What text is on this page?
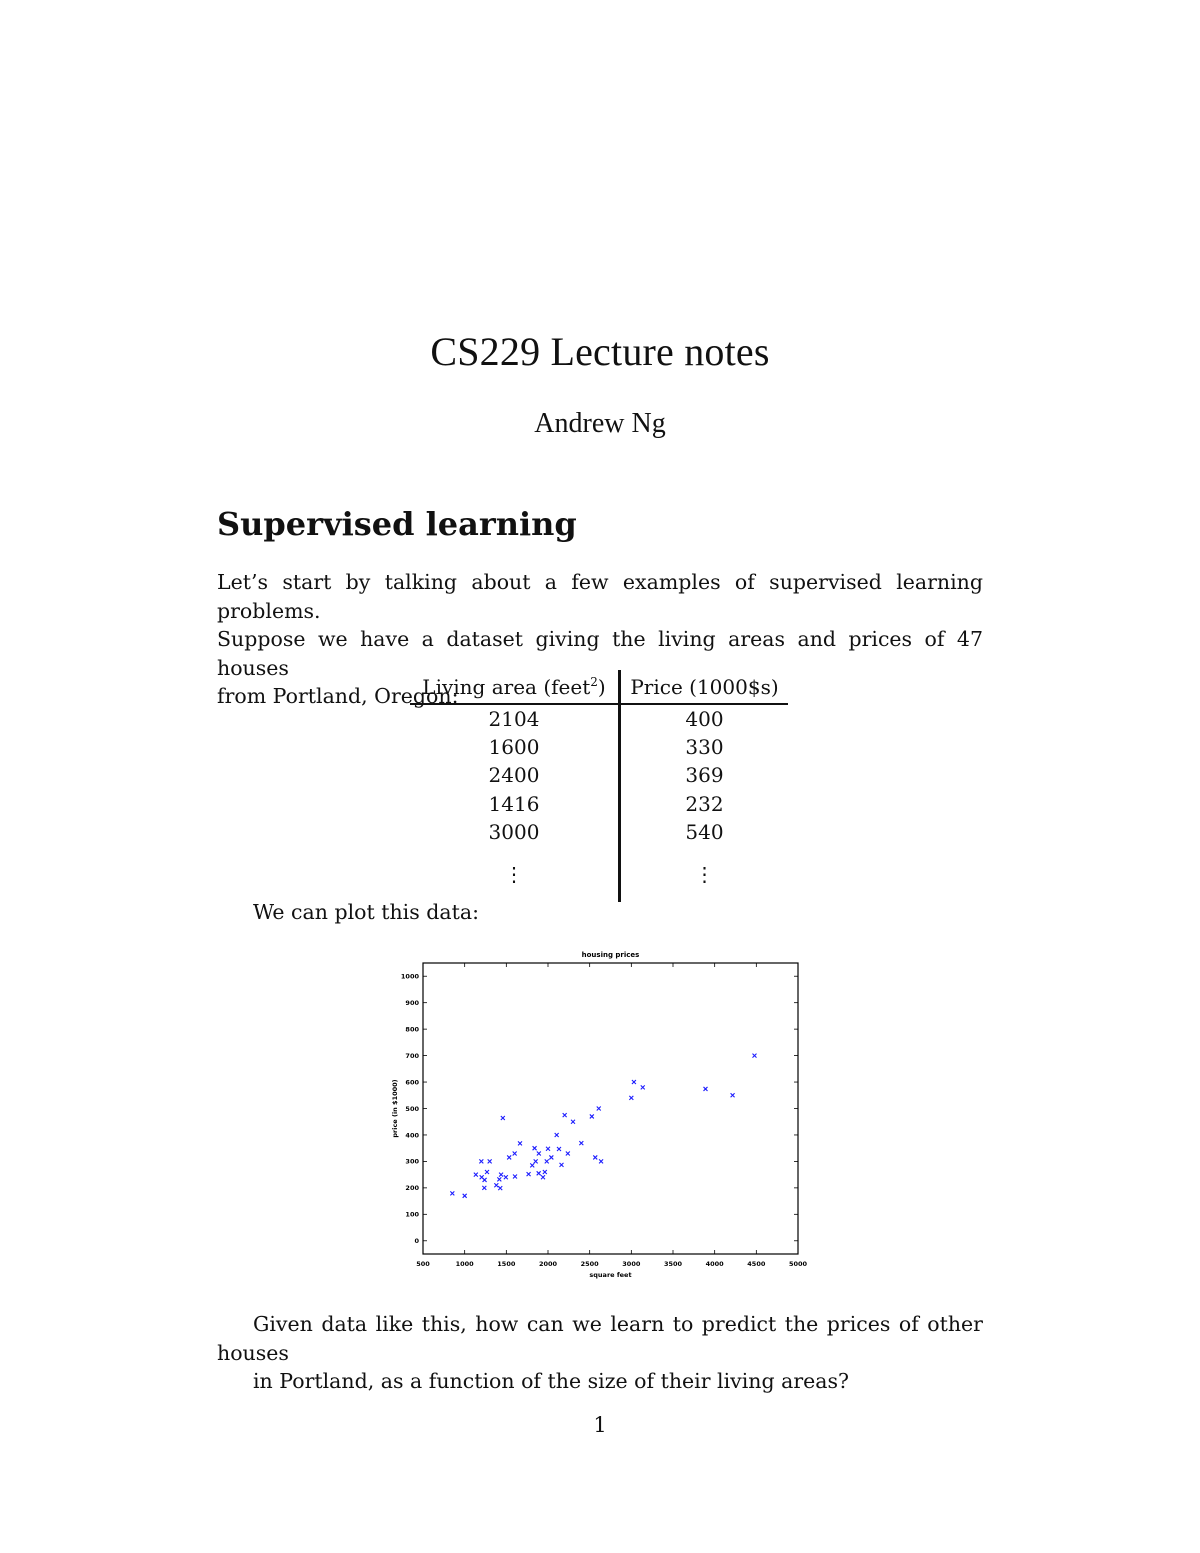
CS229 Lecture notes
Andrew Ng
Supervised learning

Let’s start by talking about a few examples of supervised learning problems.
Suppose we have a dataset giving the living areas and prices of 47 houses
from Portland, Oregon:

Living area (feet$^2$)	Price (1000$s)
2104	400
1600	330
2400	369
1416	232
3000	540
⋮	⋮

We can plot this data:

housing prices
square feet
price (in $1000)
500	1000	1500	2000	2500	3000	3500	4000	4500	5000
0
100
200
300
400
500
600
700
800
900
1000

Given data like this, how can we learn to predict the prices of other houses
in Portland, as a function of the size of their living areas?

1
